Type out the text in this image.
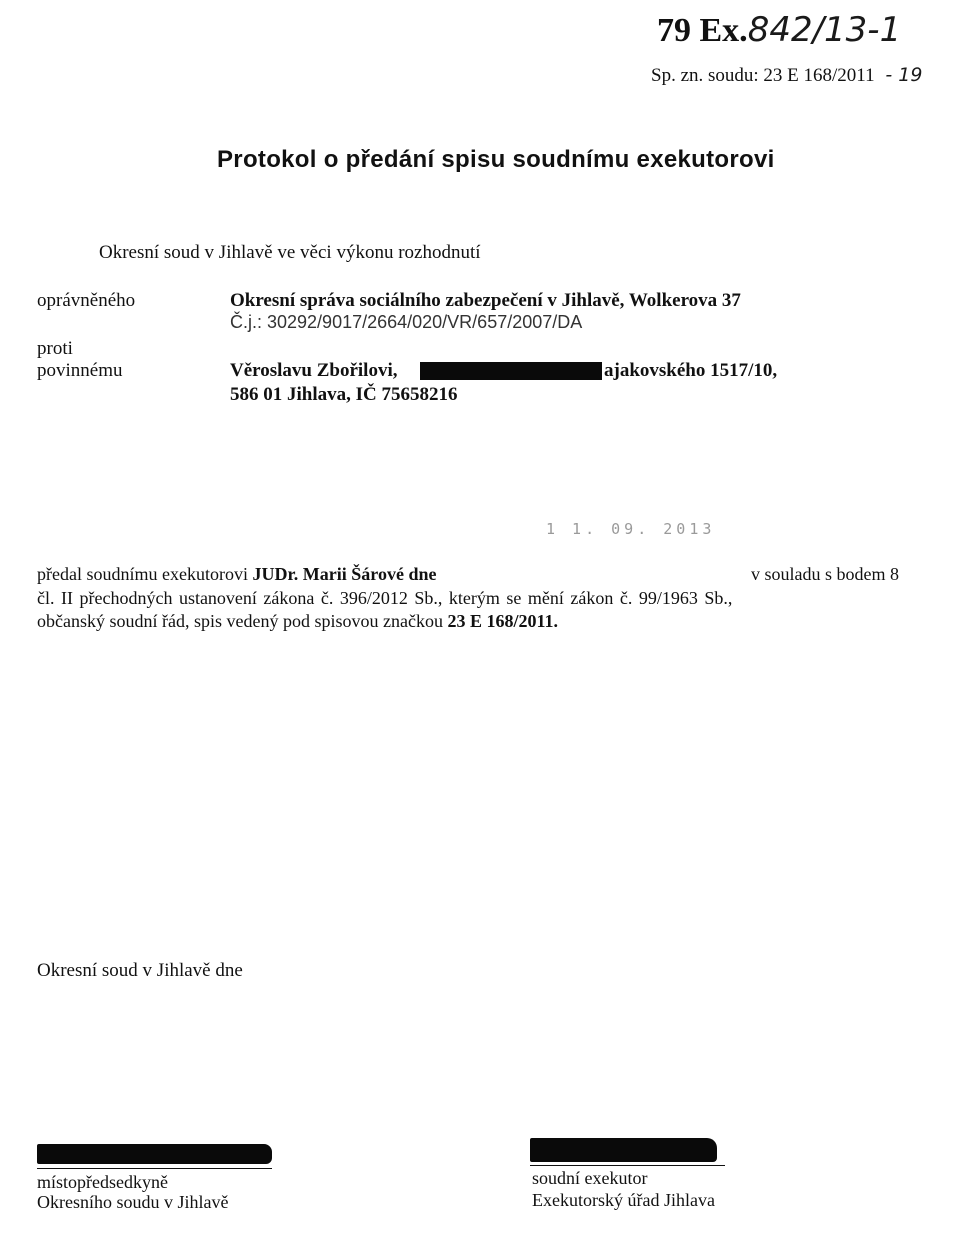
79 Ex.842/13-1
Sp. zn. soudu: 23 E 168/2011 - 19
Protokol o předání spisu soudnímu exekutorovi
Okresní soud v Jihlavě ve věci výkonu rozhodnutí
oprávněného	Okresní správa sociálního zabezpečení v Jihlavě, Wolkerova 37
Č.j.: 30292/9017/2664/020/VR/657/2007/DA
proti
povinnému	Věroslavu Zbořilovi,	ajakovského 1517/10,
586 01 Jihlava, IČ 75658216
1 1. 09. 2013
předal soudnímu exekutorovi JUDr. Marii Šárové dne	v souladu s bodem 8
čl. II přechodných ustanovení zákona č. 396/2012 Sb., kterým se mění zákon č. 99/1963 Sb.,
občanský soudní řád, spis vedený pod spisovou značkou 23 E 168/2011.
Okresní soud v Jihlavě dne
místopředsedkyně
Okresního soudu v Jihlavě
soudní exekutor
Exekutorský úřad Jihlava
